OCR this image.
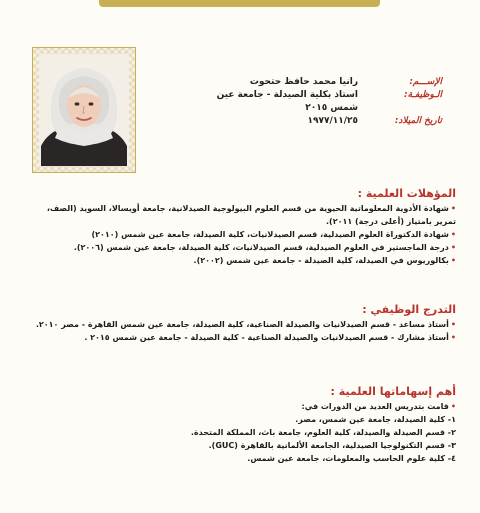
الإســـم:
رانيا محمد حافظ حتحوت
الـوظيفـة:
استاذ بكلية الصيدلة - جامعة عين شمس ٢٠١٥
تاريخ الميلاد:
١٩٧٧/١١/٢٥
المؤهلات العلمية :
•شهادة الأدوية المعلوماتية الحيوية من قسم العلوم البيولوجية الصيدلانية، جامعة أويسالا، السويد (الصف، تمرير بامتياز (أعلى درجة) ٢٠١١).
•شهادة الدكتوراة العلوم الصيدلية، قسم الصيدلانيات، كلية الصيدلة، جامعة عين شمس (٢٠١٠)
•درجة الماجستير في العلوم الصيدلية، قسم الصيدلانيات، كلية الصيدلة، جامعة عين شمس (٢٠٠٦).
•بكالوريوس في الصيدلة، كلية الصيدلة - جامعة عين شمس (٢٠٠٢).
التدرج الوظيفي :
•أستاذ مساعد - قسم الصيدلانيات والصيدلة الصناعية، كلية الصيدلة، جامعة عين شمس القاهرة - مصر ٢٠١٠.
•أستاذ مشارك - قسم الصيدلانيات والصيدلة الصناعية - كلية الصيدلة - جامعة عين شمس ٢٠١٥ .
أهم إسهاماتها العلمية :
•قامت بتدريس العديد من الدورات في:
١- كلية الصيدلة، جامعة عين شمس، مصر.
٢- قسم الصيدلة والصيدلة، كلية العلوم، جامعة باث، المملكة المتحدة.
٣- قسم التكنولوجيا الصيدلية، الجامعة الألمانية بالقاهرة (GUC).
٤- كلية علوم الحاسب والمعلومات، جامعة عين شمس.
